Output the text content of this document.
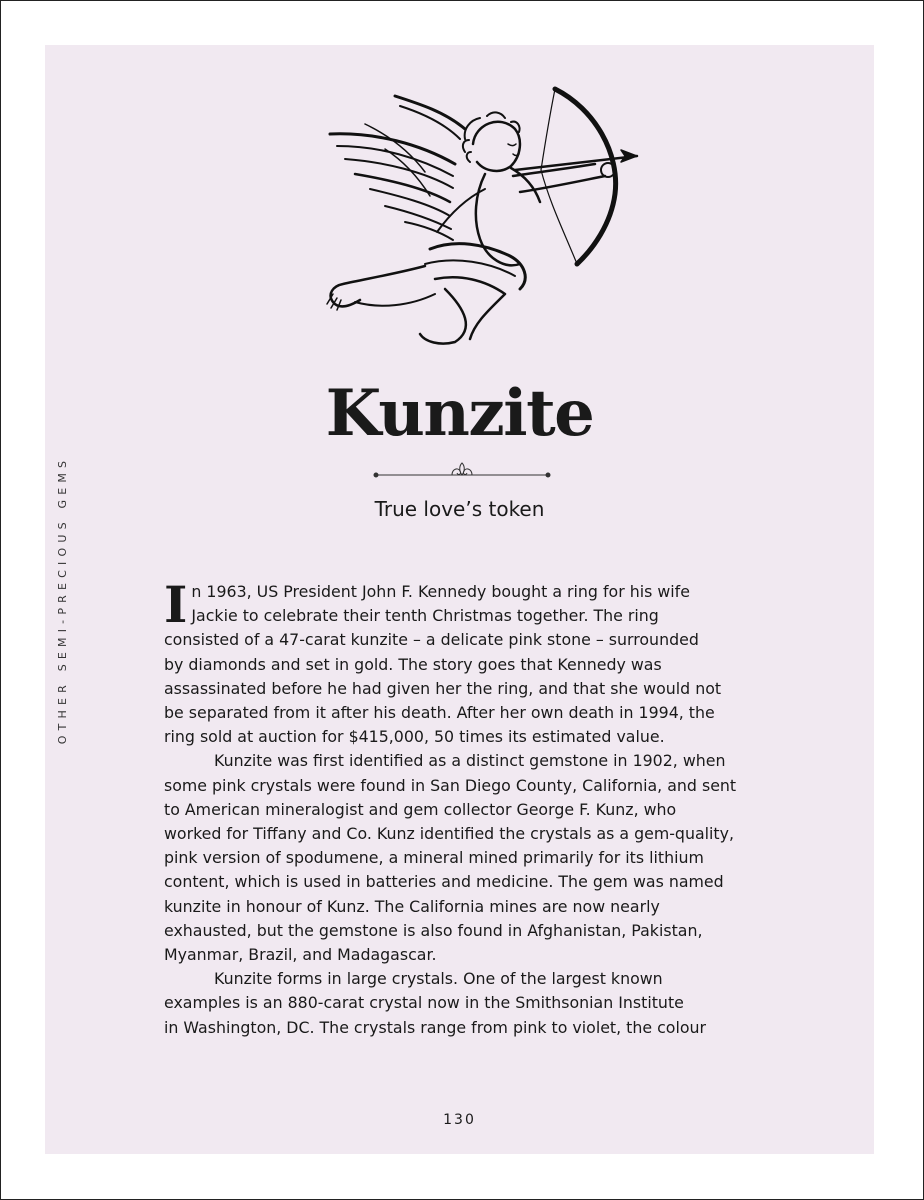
OTHER SEMI-PRECIOUS GEMS
Kunzite
True love’s token
I n 1963, US President John F. Kennedy bought a ring for his wife
Jackie to celebrate their tenth Christmas together. The ring
consisted of a 47-carat kunzite – a delicate pink stone – surrounded
by diamonds and set in gold. The story goes that Kennedy was
assassinated before he had given her the ring, and that she would not
be separated from it after his death. After her own death in 1994, the
ring sold at auction for $415,000, 50 times its estimated value.
Kunzite was first identified as a distinct gemstone in 1902, when
some pink crystals were found in San Diego County, California, and sent
to American mineralogist and gem collector George F. Kunz, who
worked for Tiffany and Co. Kunz identified the crystals as a gem-quality,
pink version of spodumene, a mineral mined primarily for its lithium
content, which is used in batteries and medicine. The gem was named
kunzite in honour of Kunz. The California mines are now nearly
exhausted, but the gemstone is also found in Afghanistan, Pakistan,
Myanmar, Brazil, and Madagascar.
Kunzite forms in large crystals. One of the largest known
examples is an 880-carat crystal now in the Smithsonian Institute
in Washington, DC. The crystals range from pink to violet, the colour
130
